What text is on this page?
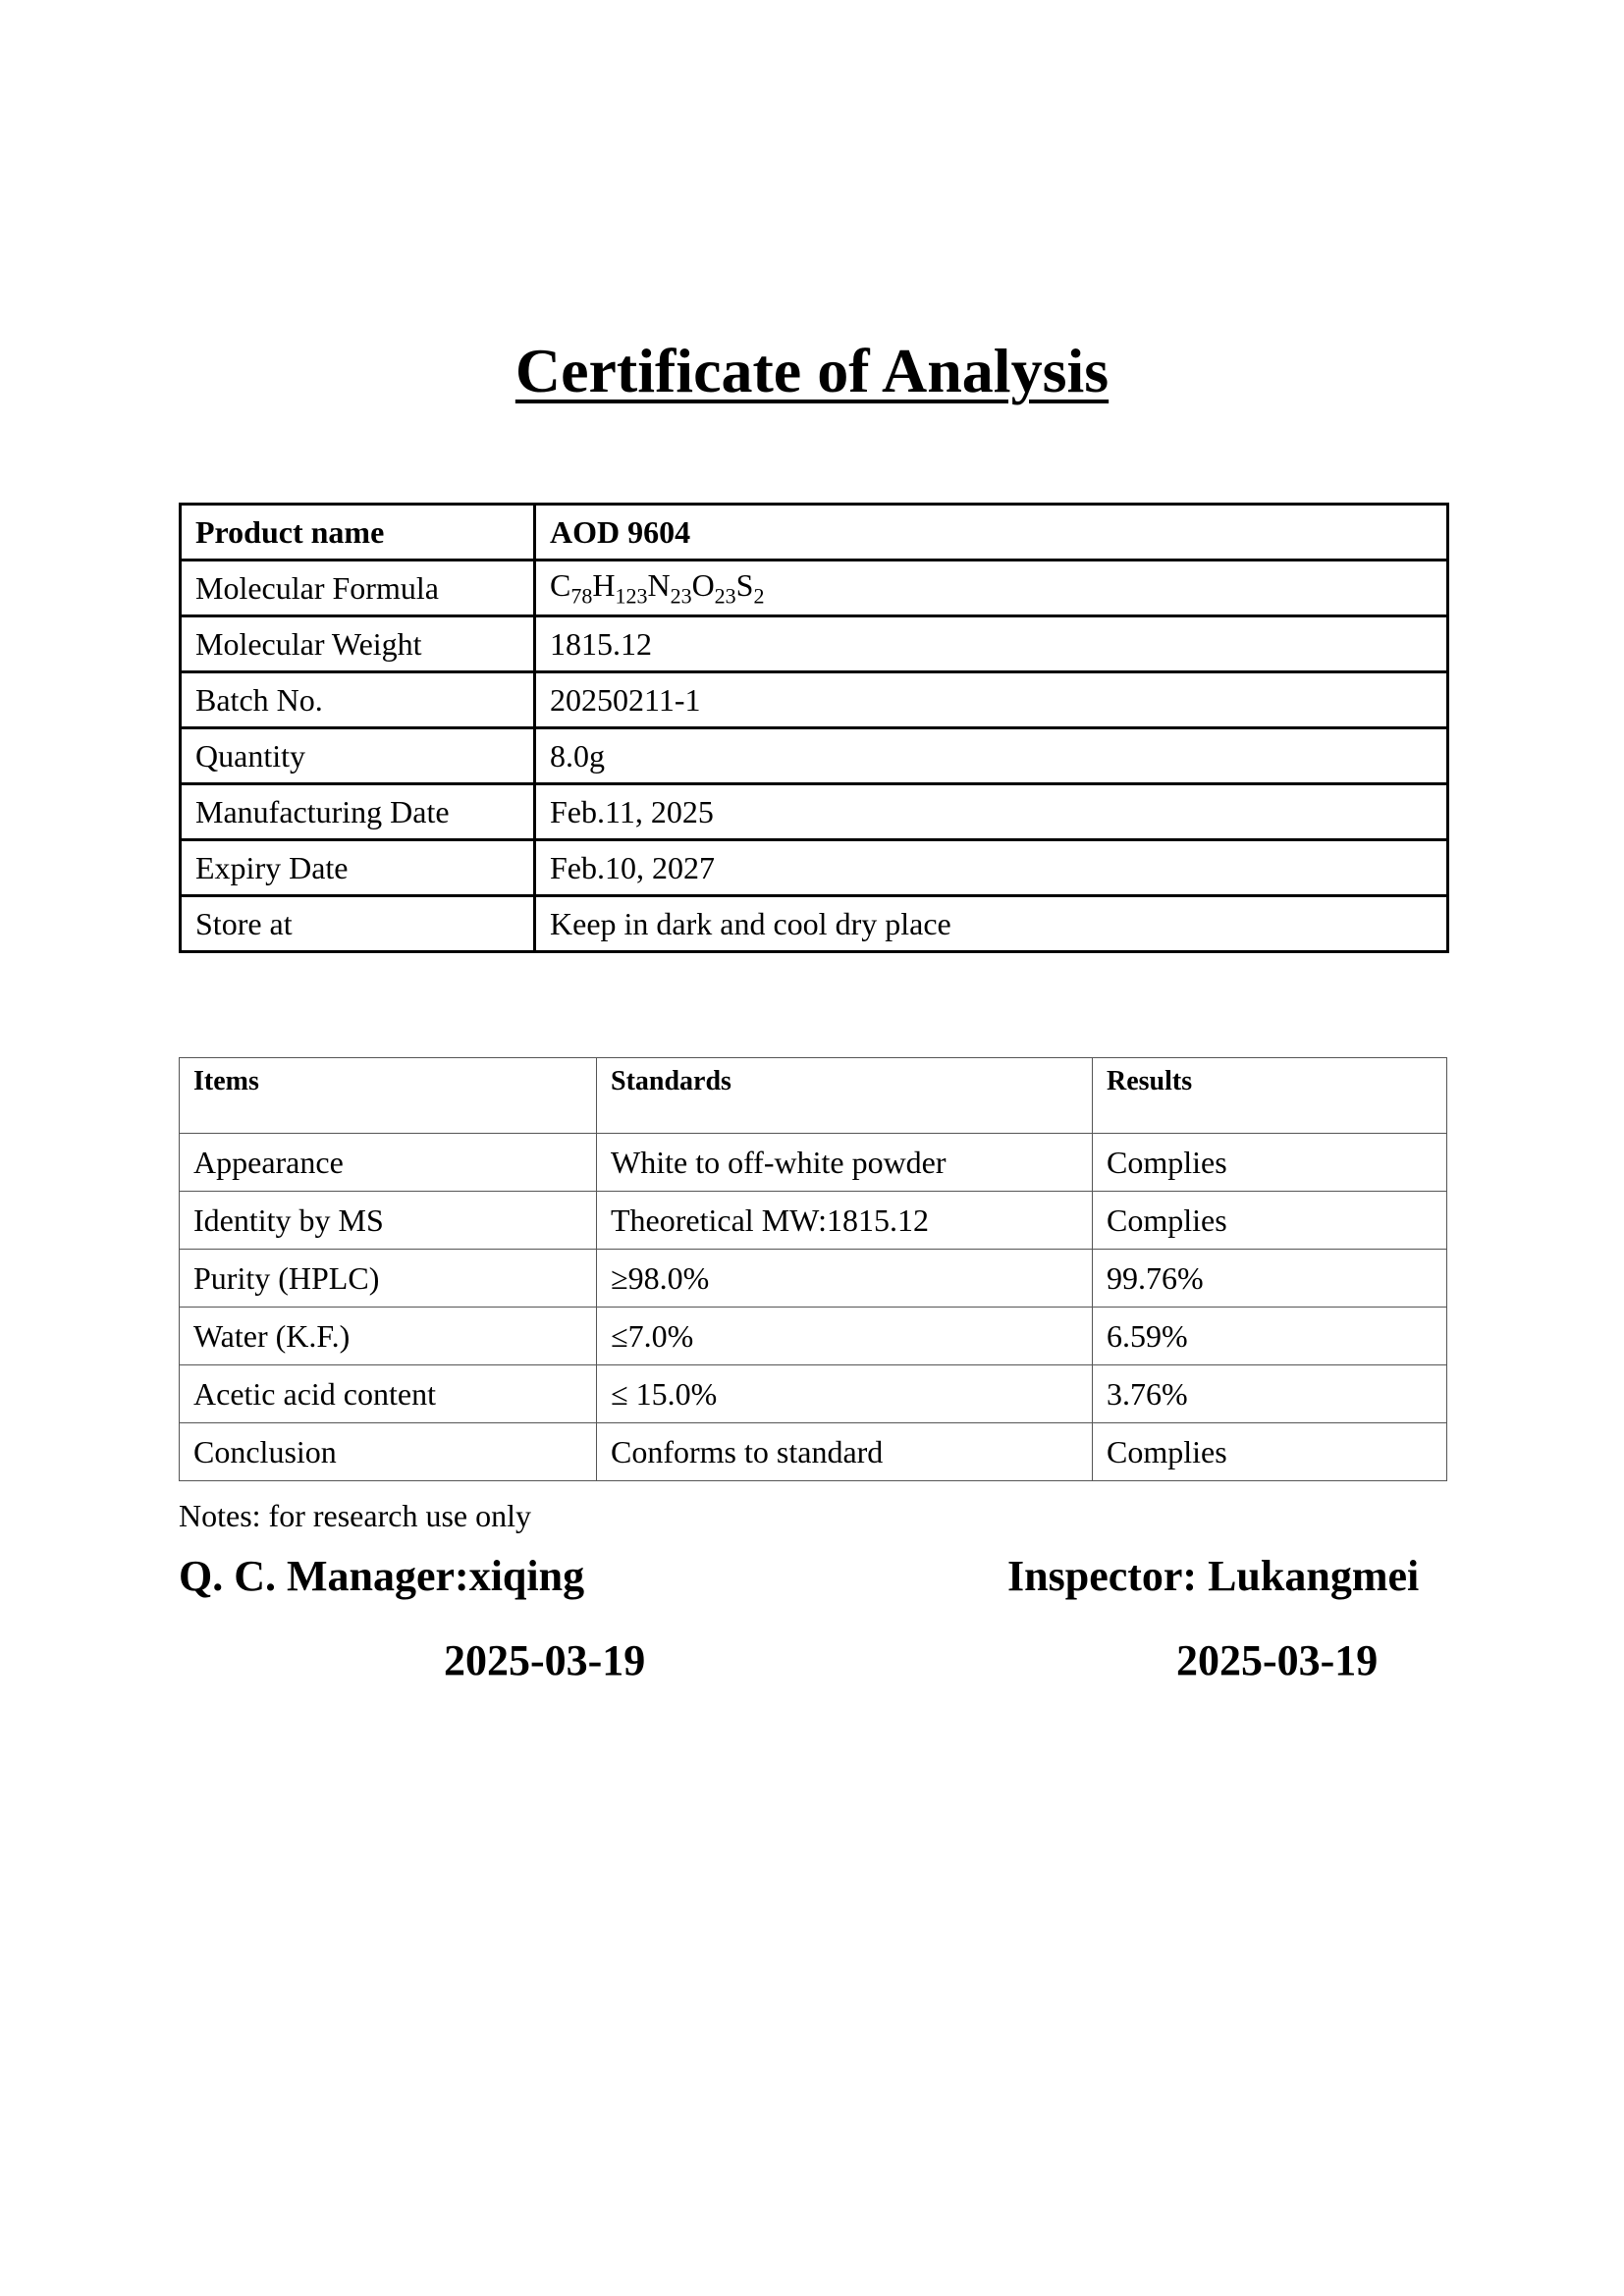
Certificate of Analysis
Product name	AOD 9604
Molecular Formula	$C_{78}H_{123}N_{23}O_{23}S_2$
Molecular Weight	1815.12
Batch No.	20250211-1
Quantity	8.0g
Manufacturing Date	Feb.11, 2025
Expiry Date	Feb.10, 2027
Store at	Keep in dark and cool dry place
Items	Standards	Results
Appearance	White to off-white powder	Complies
Identity by MS	Theoretical MW:1815.12	Complies
Purity (HPLC)	≥98.0%	99.76%
Water (K.F.)	≤7.0%	6.59%
Acetic acid content	≤ 15.0%	3.76%
Conclusion	Conforms to standard	Complies
Notes: for research use only
Q. C. Manager:xiqing	Inspector: Lukangmei
2025-03-19	2025-03-19
